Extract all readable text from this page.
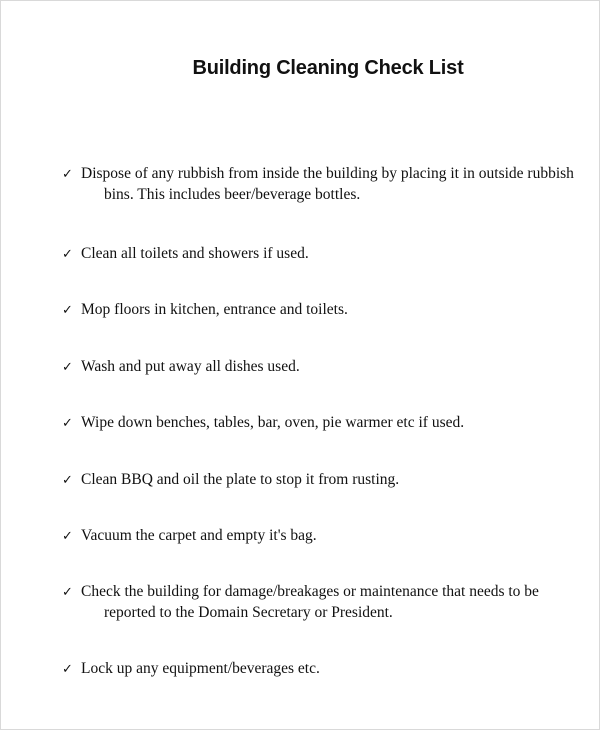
Building Cleaning Check List
✓ Dispose of any rubbish from inside the building by placing it in outside rubbish bins. This includes beer/beverage bottles.
✓ Clean all toilets and showers if used.
✓ Mop floors in kitchen, entrance and toilets.
✓ Wash and put away all dishes used.
✓ Wipe down benches, tables, bar, oven, pie warmer etc if used.
✓ Clean BBQ and oil the plate to stop it from rusting.
✓ Vacuum the carpet and empty it's bag.
✓ Check the building for damage/breakages or maintenance that needs to be reported to the Domain Secretary or President.
✓ Lock up any equipment/beverages etc.
